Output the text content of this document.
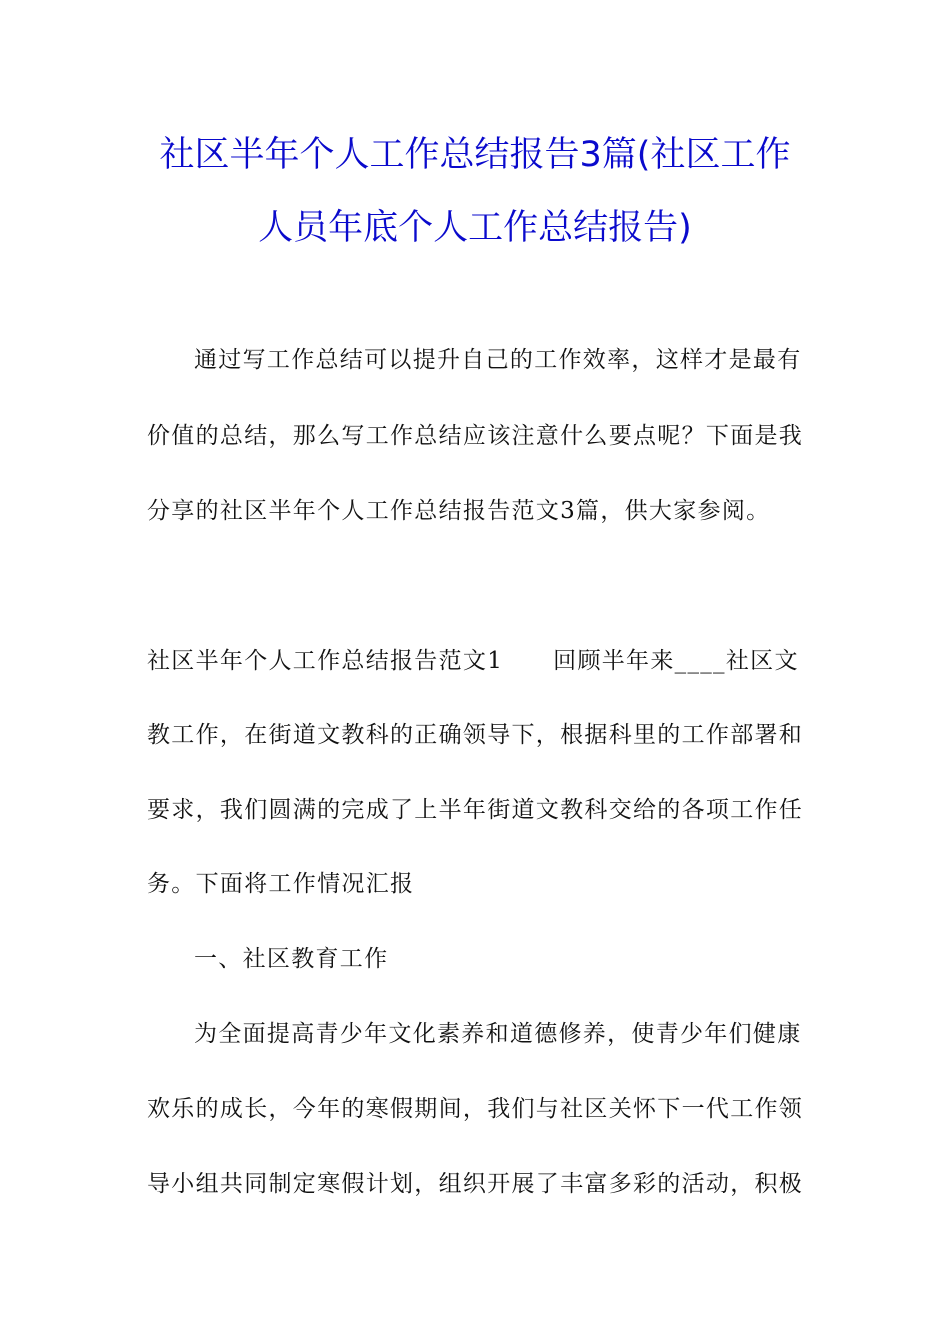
社区半年个人工作总结报告3篇(社区工作
人员年底个人工作总结报告)
通过写工作总结可以提升自己的工作效率，这样才是最有
价值的总结，那么写工作总结应该注意什么要点呢？下面是我
分享的社区半年个人工作总结报告范文3篇，供大家参阅。
社区半年个人工作总结报告范文1 回顾半年来____社区文
教工作，在街道文教科的正确领导下，根据科里的工作部署和
要求，我们圆满的完成了上半年街道文教科交给的各项工作任
务。下面将工作情况汇报
一、社区教育工作
为全面提高青少年文化素养和道德修养，使青少年们健康
欢乐的成长，今年的寒假期间，我们与社区关怀下一代工作领
导小组共同制定寒假计划，组织开展了丰富多彩的活动，积极
